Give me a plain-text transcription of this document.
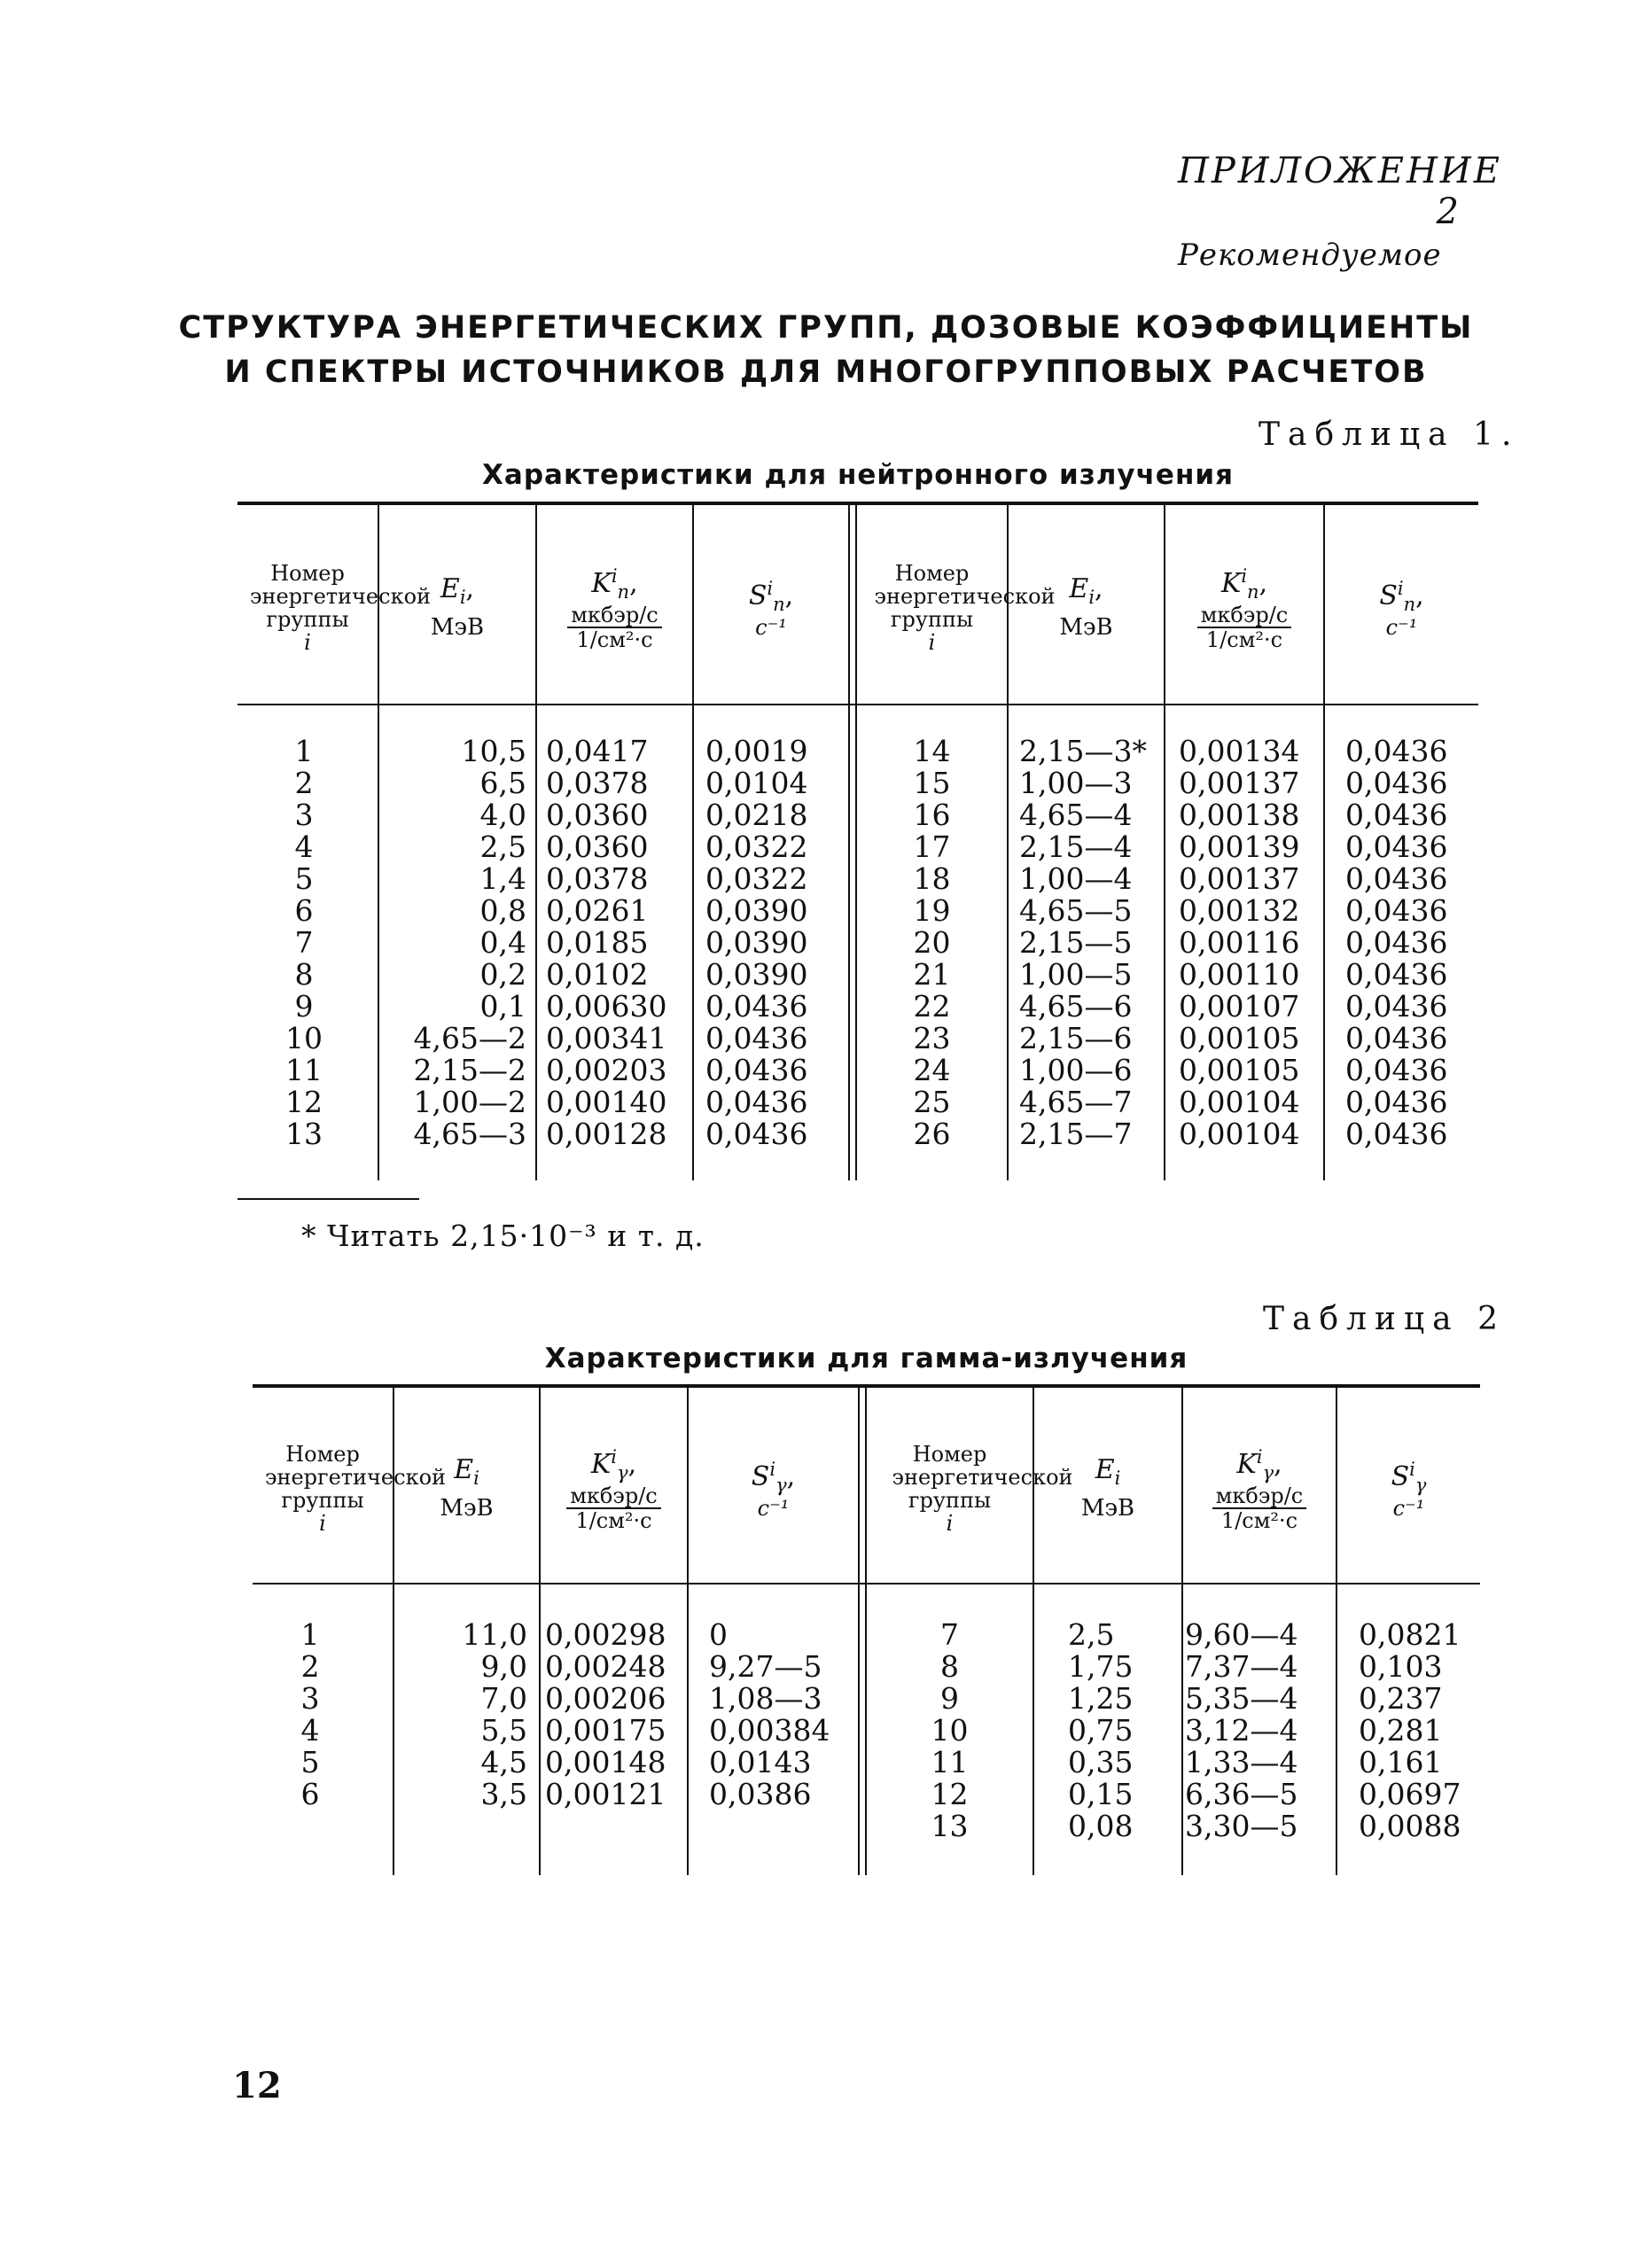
ПРИЛОЖЕНИЕ 2
Рекомендуемое
СТРУКТУРА ЭНЕРГЕТИЧЕСКИХ ГРУПП, ДОЗОВЫЕ КОЭФФИЦИЕНТЫ
И СПЕКТРЫ ИСТОЧНИКОВ ДЛЯ МНОГОГРУППОВЫХ РАСЧЕТОВ
Таблица 1.
Характеристики для нейтронного излучения
Номер энергетической группы
i
$E_i$,
МэВ
$K^i_n$,
мкбэр/с
1/см²·с
$S^i_n$,
с⁻¹
Номер энергетической группы
i
$E_i$,
МэВ
$K^i_n$,
мкбэр/с
1/см²·с
$S^i_n$,
с⁻¹
1
2
3
4
5
6
7
8
9
10
11
12
13
10,5
6,5
4,0
2,5
1,4
0,8
0,4
0,2
0,1
4,65—2
2,15—2
1,00—2
4,65—3
0,0417
0,0378
0,0360
0,0360
0,0378
0,0261
0,0185
0,0102
0,00630
0,00341
0,00203
0,00140
0,00128
0,0019
0,0104
0,0218
0,0322
0,0322
0,0390
0,0390
0,0390
0,0436
0,0436
0,0436
0,0436
0,0436
14
15
16
17
18
19
20
21
22
23
24
25
26
2,15—3*
1,00—3
4,65—4
2,15—4
1,00—4
4,65—5
2,15—5
1,00—5
4,65—6
2,15—6
1,00—6
4,65—7
2,15—7
0,00134
0,00137
0,00138
0,00139
0,00137
0,00132
0,00116
0,00110
0,00107
0,00105
0,00105
0,00104
0,00104
0,0436
0,0436
0,0436
0,0436
0,0436
0,0436
0,0436
0,0436
0,0436
0,0436
0,0436
0,0436
0,0436
* Читать 2,15·10⁻³ и т. д.
Таблица 2
Характеристики для гамма-излучения
Номер энергетической группы
i
$E_i$
МэВ
$K^i_\gamma$,
мкбэр/с
1/см²·с
$S^i_\gamma$,
с⁻¹
Номер энергетической группы
i
$E_i$
МэВ
$K^i_\gamma$,
мкбэр/с
1/см²·с
$S^i_\gamma$
с⁻¹
1
2
3
4
5
6
11,0
9,0
7,0
5,5
4,5
3,5
0,00298
0,00248
0,00206
0,00175
0,00148
0,00121
0
9,27—5
1,08—3
0,00384
0,0143
0,0386
7
8
9
10
11
12
13
2,5
1,75
1,25
0,75
0,35
0,15
0,08
9,60—4
7,37—4
5,35—4
3,12—4
1,33—4
6,36—5
3,30—5
0,0821
0,103
0,237
0,281
0,161
0,0697
0,0088
12
